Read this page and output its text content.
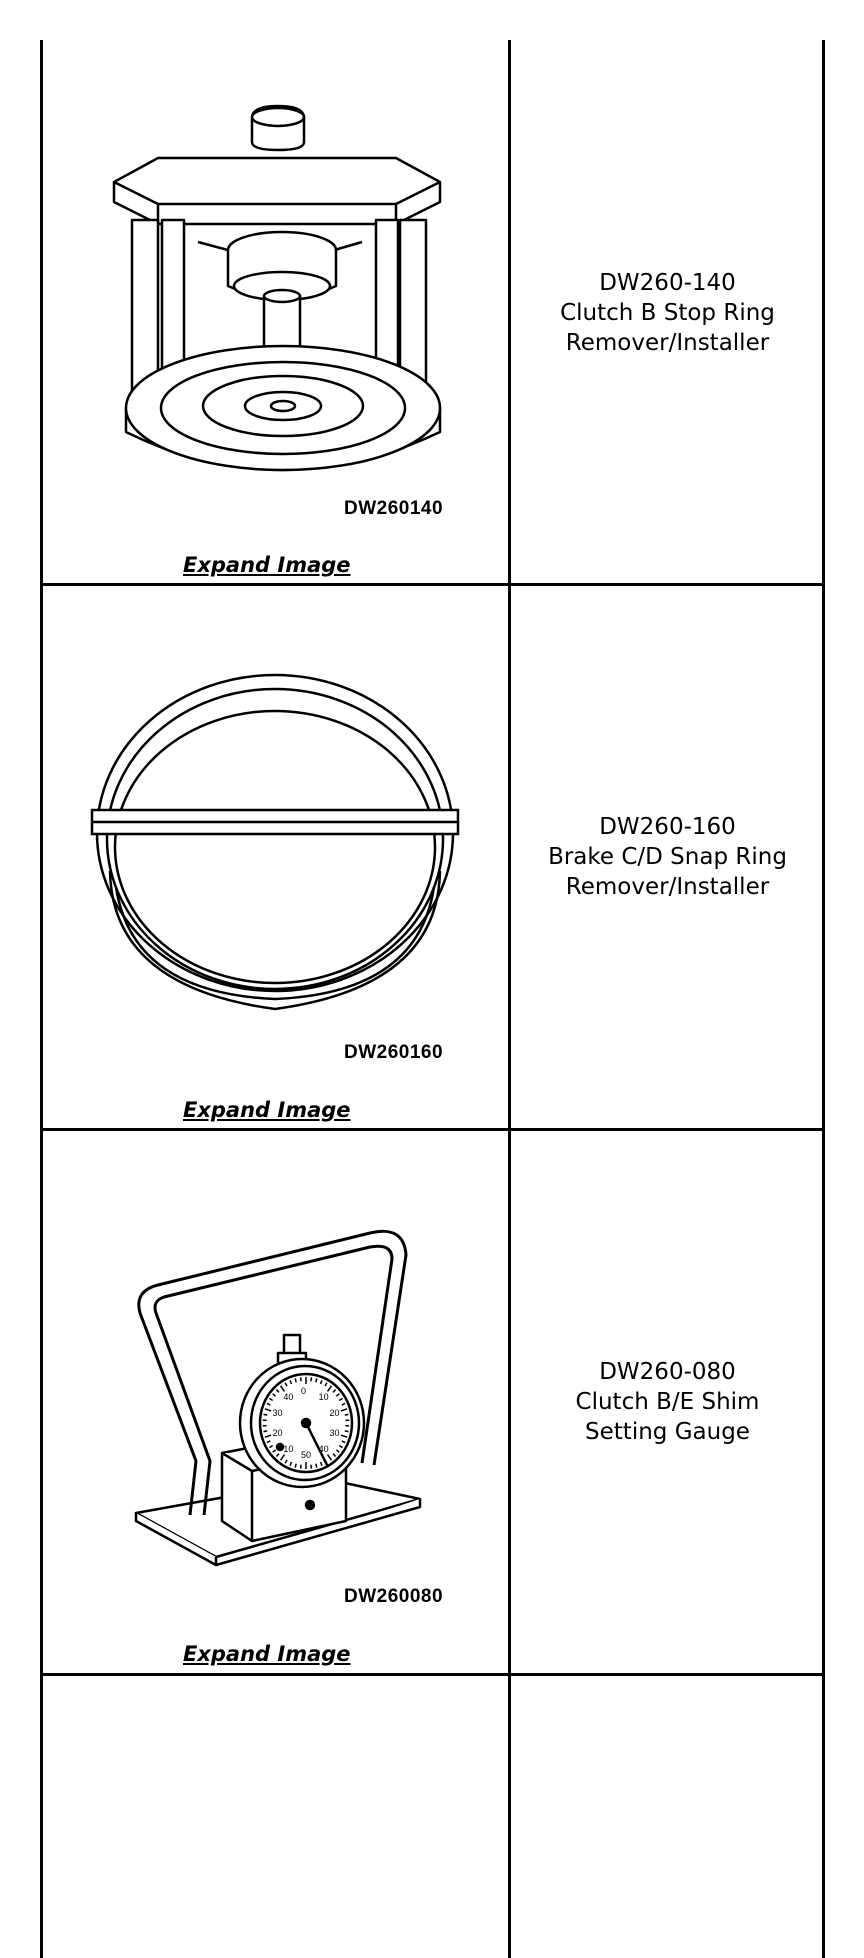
DW260140
Expand Image
DW260-140
Clutch B Stop Ring
Remover/Installer
DW260160
Expand Image
DW260-160
Brake C/D Snap Ring
Remover/Installer
0
10
20
30
40
50
10
20
30
40
DW260080
Expand Image
DW260-080
Clutch B/E Shim
Setting Gauge
